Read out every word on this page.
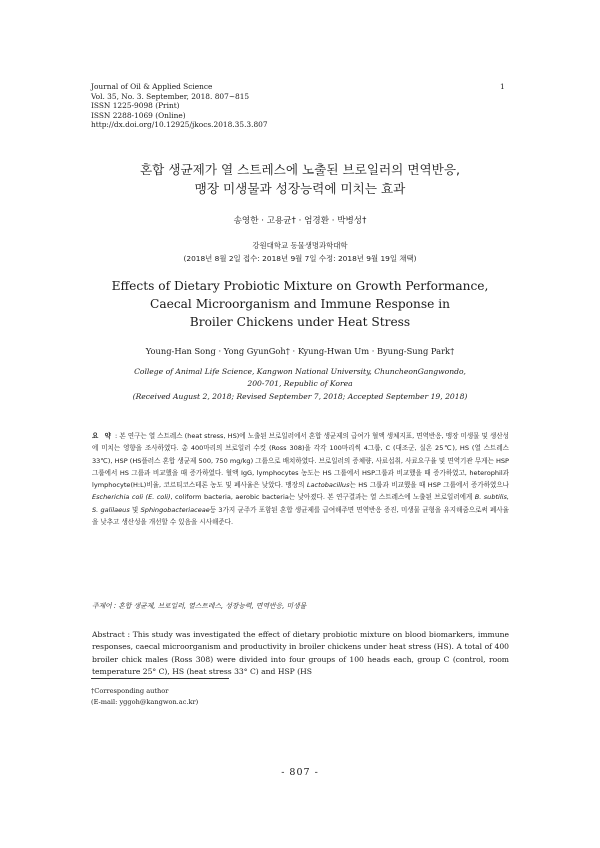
Journal of Oil & Applied Science
Vol. 35, No. 3. September, 2018. 807~815
ISSN 1225-9098 (Print)
ISSN 2288-1069 (Online)
http://dx.doi.org/10.12925/jkocs.2018.35.3.807
1
혼합 생균제가 열 스트레스에 노출된 브로일러의 면역반응,
맹장 미생물과 성장능력에 미치는 효과
송영한 · 고용균† · 엄경환 · 박병성†
강원대학교 동물생명과학대학
(2018년 8월 2일 접수: 2018년 9월 7일 수정: 2018년 9월 19일 채택)
Effects of Dietary Probiotic Mixture on Growth Performance,
Caecal Microorganism and Immune Response in
Broiler Chickens under Heat Stress
Young-Han Song · Yong GyunGoh† · Kyung-Hwan Um · Byung-Sung Park†
College of Animal Life Science, Kangwon National University, ChuncheonGangwondo,
200-701, Republic of Korea
(Received August 2, 2018; Revised September 7, 2018; Accepted September 19, 2018)
요 약 : 본 연구는 열 스트레스 (heat stress, HS)에 노출된 브로일러에서 혼합 생균제의 급여가 혈액 생체지표, 면역반응, 맹장 미생물 및 생산성에 미치는 영향을 조사하였다. 총 400마리의 브로일러 수컷 (Ross 308)을 각각 100마리씩 4그룹, C (대조군, 실온 25℃), HS (열 스트레스 33℃), HSP (HS플러스 혼합 생균제 500, 750 mg/kg) 그룹으로 배치하였다. 브로일러의 증체량, 사료섭취, 사료요구율 및 면역기관 무게는 HSP 그룹에서 HS 그룹과 비교했을 때 증가하였다. 혈액 IgG, lymphocytes 농도는 HS 그룹에서 HSP그룹과 비교했을 때 증가하였고, heterophil과 lymphocyte(H:L)비율, 코르티코스테론 농도 및 폐사율은 낮았다. 맹장의 Lactobacillus는 HS 그룹과 비교했을 때 HSP 그룹에서 증가하였으나 Escherichia coli (E. coli), coliform bacteria, aerobic bacteria는 낮아졌다. 본 연구결과는 열 스트레스에 노출된 브로일러에게 B. subtilis, S. galilaeus 및 Sphingobacteriaceae등 3가지 균주가 포함된 혼합 생균제를 급여해주면 면역반응 증진, 미생물 균형을 유지해줌으로써 폐사율을 낮추고 생산성을 개선할 수 있음을 시사해준다.
주제어 : 혼합 생균제, 브로일러, 열스트레스, 성장능력, 면역반응, 미생물
Abstract : This study was investigated the effect of dietary probiotic mixture on blood biomarkers, immune responses, caecal microorganism and productivity in broiler chickens under heat stress (HS). A total of 400 broiler chick males (Ross 308) were divided into four groups of 100 heads each, group C (control, room temperature 25° C), HS (heat stress 33° C) and HSP (HS
†Corresponding author
(E-mail: yggoh@kangwon.ac.kr)
- 807 -
